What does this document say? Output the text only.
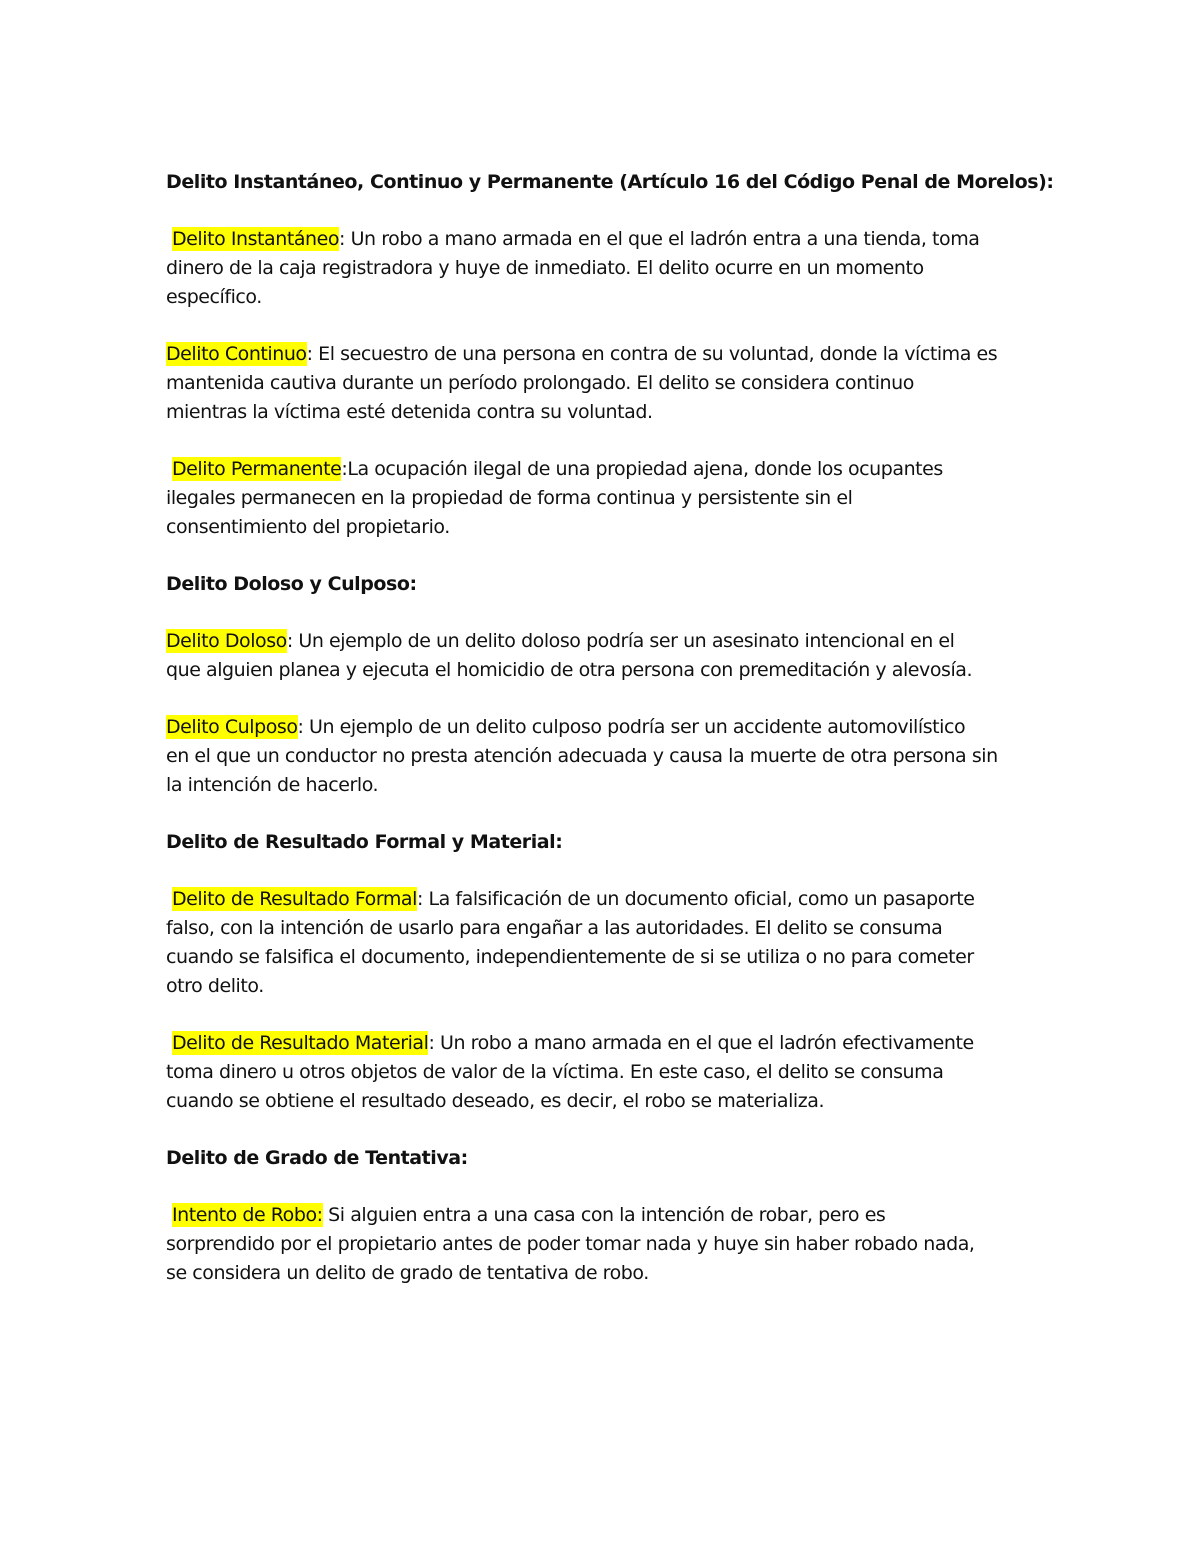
Delito Instantáneo, Continuo y Permanente (Artículo 16 del Código Penal de Morelos):

Delito Instantáneo: Un robo a mano armada en el que el ladrón entra a una tienda, toma

dinero de la caja registradora y huye de inmediato. El delito ocurre en un momento

específico.

Delito Continuo: El secuestro de una persona en contra de su voluntad, donde la víctima es

mantenida cautiva durante un período prolongado. El delito se considera continuo

mientras la víctima esté detenida contra su voluntad.

Delito Permanente:La ocupación ilegal de una propiedad ajena, donde los ocupantes

ilegales permanecen en la propiedad de forma continua y persistente sin el

consentimiento del propietario.

Delito Doloso y Culposo:

Delito Doloso: Un ejemplo de un delito doloso podría ser un asesinato intencional en el

que alguien planea y ejecuta el homicidio de otra persona con premeditación y alevosía.

Delito Culposo: Un ejemplo de un delito culposo podría ser un accidente automovilístico

en el que un conductor no presta atención adecuada y causa la muerte de otra persona sin

la intención de hacerlo.

Delito de Resultado Formal y Material:

Delito de Resultado Formal: La falsificación de un documento oficial, como un pasaporte

falso, con la intención de usarlo para engañar a las autoridades. El delito se consuma

cuando se falsifica el documento, independientemente de si se utiliza o no para cometer

otro delito.

Delito de Resultado Material: Un robo a mano armada en el que el ladrón efectivamente

toma dinero u otros objetos de valor de la víctima. En este caso, el delito se consuma

cuando se obtiene el resultado deseado, es decir, el robo se materializa.

Delito de Grado de Tentativa:

Intento de Robo: Si alguien entra a una casa con la intención de robar, pero es

sorprendido por el propietario antes de poder tomar nada y huye sin haber robado nada,

se considera un delito de grado de tentativa de robo.
